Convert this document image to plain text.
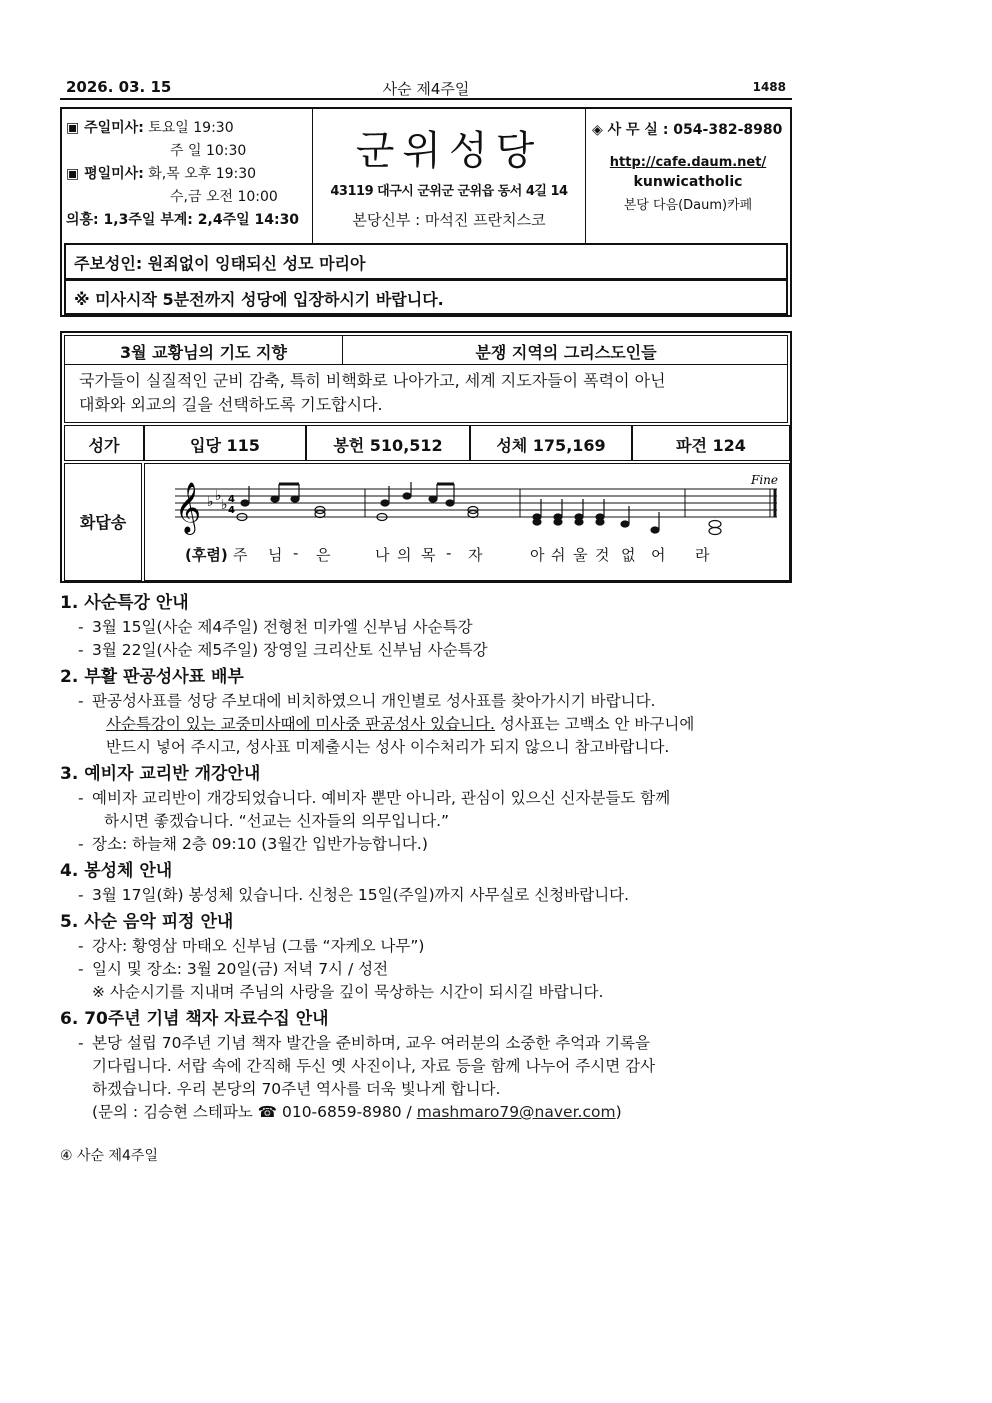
2026. 03. 15	사순 제4주일	1488
▣ 주일미사: 토요일 19:30
주 일 10:30
▣ 평일미사: 화,목 오후 19:30
수,금 오전 10:00
의흥: 1,3주일 부계: 2,4주일 14:30
군위성당
43119 대구시 군위군 군위읍 동서 4길 14
본당신부 : 마석진 프란치스코
◈ 사 무 실 : 054-382-8980
http://cafe.daum.net/
kunwicatholic
본당 다음(Daum)카페
주보성인: 원죄없이 잉태되신 성모 마리아
※ 미사시작 5분전까지 성당에 입장하시기 바랍니다.
3월 교황님의 기도 지향	분쟁 지역의 그리스도인들
국가들이 실질적인 군비 감축, 특히 비핵화로 나아가고, 세계 지도자들이 폭력이 아닌
대화와 외교의 길을 선택하도록 기도합시다.
성가	입당 115	봉헌 510,512	성체 175,169	파견 124
화답송	𝄞 ♭ ♭
♭ 4
4
Fine
(후렴) 주 님 - 은	나 의 목 - 자	아 쉬 울 것 없 어 라
1. 사순특강 안내
- 3월 15일(사순 제4주일) 전형천 미카엘 신부님 사순특강
- 3월 22일(사순 제5주일) 장영일 크리산토 신부님 사순특강
2. 부활 판공성사표 배부
- 판공성사표를 성당 주보대에 비치하였으니 개인별로 성사표를 찾아가시기 바랍니다.
사순특강이 있는 교중미사때에 미사중 판공성사 있습니다. 성사표는 고백소 안 바구니에
반드시 넣어 주시고, 성사표 미제출시는 성사 이수처리가 되지 않으니 참고바랍니다.
3. 예비자 교리반 개강안내
- 예비자 교리반이 개강되었습니다. 예비자 뿐만 아니라, 관심이 있으신 신자분들도 함께
하시면 좋겠습니다. “선교는 신자들의 의무입니다.”
- 장소: 하늘채 2층 09:10 (3월간 입반가능합니다.)
4. 봉성체 안내
- 3월 17일(화) 봉성체 있습니다. 신청은 15일(주일)까지 사무실로 신청바랍니다.
5. 사순 음악 피정 안내
- 강사: 황영삼 마태오 신부님 (그룹 “자케오 나무”)
- 일시 및 장소: 3월 20일(금) 저녁 7시 / 성전
※ 사순시기를 지내며 주님의 사랑을 깊이 묵상하는 시간이 되시길 바랍니다.
6. 70주년 기념 책자 자료수집 안내
- 본당 설립 70주년 기념 책자 발간을 준비하며, 교우 여러분의 소중한 추억과 기록을
기다립니다. 서랍 속에 간직해 두신 옛 사진이나, 자료 등을 함께 나누어 주시면 감사
하겠습니다. 우리 본당의 70주년 역사를 더욱 빛나게 합니다.
(문의 : 김승현 스테파노 ☎ 010-6859-8980 / mashmaro79@naver.com)
④ 사순 제4주일
